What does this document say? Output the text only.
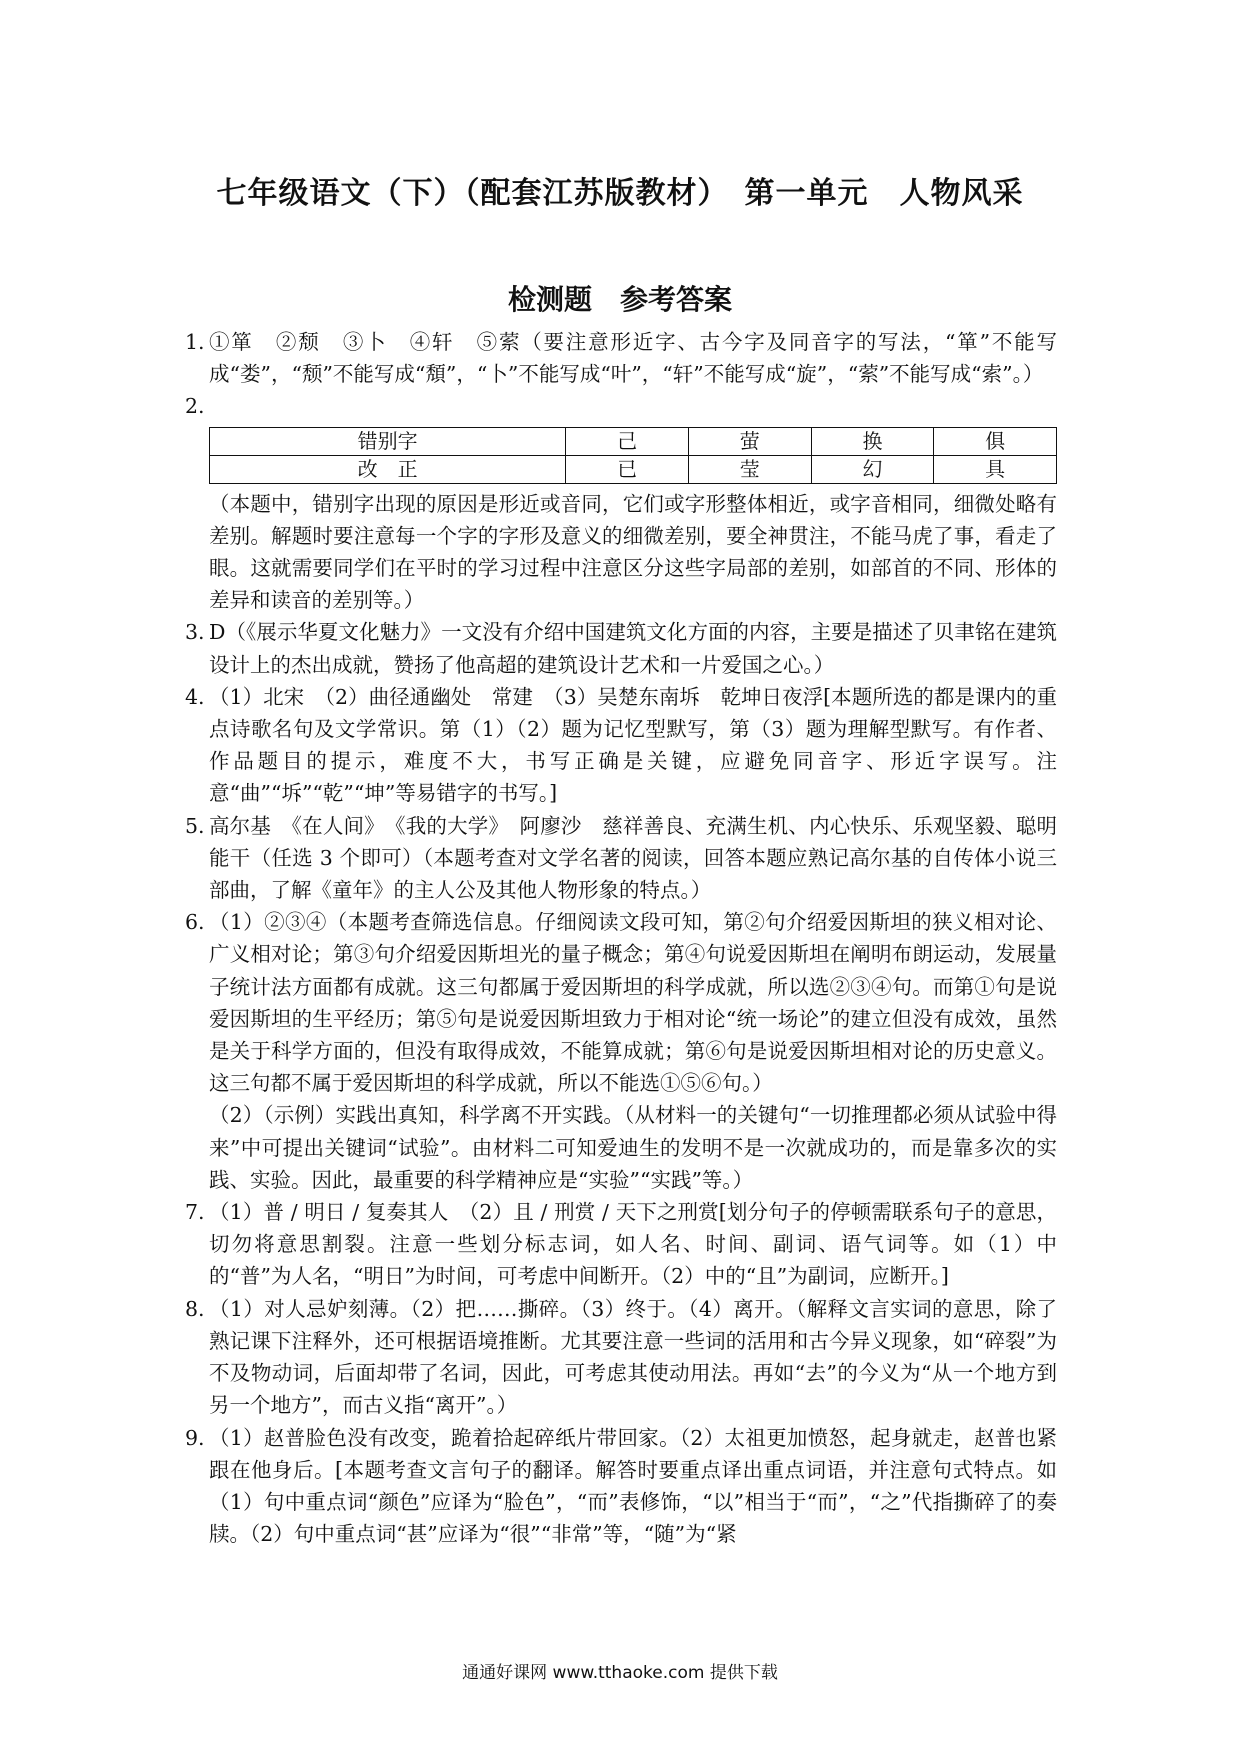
七年级语文（下）（配套江苏版教材）　第一单元　人物风采
检测题　参考答案
1. ①箪　②颓　③卜　④轩　⑤萦（要注意形近字、古今字及同音字的写法，“箪”不能写成“娄”，“颓”不能写成“頽”，“卜”不能写成“叶”，“轩”不能写成“旋”，“萦”不能写成“索”。）
2.
错别字	己	萤	换	俱
改　正	已	莹	幻	具
（本题中，错别字出现的原因是形近或音同，它们或字形整体相近，或字音相同，细微处略有差别。解题时要注意每一个字的字形及意义的细微差别，要全神贯注，不能马虎了事，看走了眼。这就需要同学们在平时的学习过程中注意区分这些字局部的差别，如部首的不同、形体的差异和读音的差别等。）
3. D（《展示华夏文化魅力》一文没有介绍中国建筑文化方面的内容，主要是描述了贝聿铭在建筑设计上的杰出成就，赞扬了他高超的建筑设计艺术和一片爱国之心。）
4. （1）北宋　（2）曲径通幽处　常建　（3）吴楚东南坼　乾坤日夜浮[本题所选的都是课内的重点诗歌名句及文学常识。第（1）（2）题为记忆型默写，第（3）题为理解型默写。有作者、作品题目的提示，难度不大，书写正确是关键，应避免同音字、形近字误写。注意“曲”“坼”“乾”“坤”等易错字的书写。]
5. 高尔基　《在人间》　《我的大学》　阿廖沙　慈祥善良、充满生机、内心快乐、乐观坚毅、聪明能干（任选 3 个即可）（本题考查对文学名著的阅读，回答本题应熟记高尔基的自传体小说三部曲，了解《童年》的主人公及其他人物形象的特点。）
6. （1）②③④（本题考查筛选信息。仔细阅读文段可知，第②句介绍爱因斯坦的狭义相对论、广义相对论；第③句介绍爱因斯坦光的量子概念；第④句说爱因斯坦在阐明布朗运动，发展量子统计法方面都有成就。这三句都属于爱因斯坦的科学成就，所以选②③④句。而第①句是说爱因斯坦的生平经历；第⑤句是说爱因斯坦致力于相对论“统一场论”的建立但没有成效，虽然是关于科学方面的，但没有取得成效，不能算成就；第⑥句是说爱因斯坦相对论的历史意义。这三句都不属于爱因斯坦的科学成就，所以不能选①⑤⑥句。）
（2）（示例）实践出真知，科学离不开实践。（从材料一的关键句“一切推理都必须从试验中得来”中可提出关键词“试验”。由材料二可知爱迪生的发明不是一次就成功的，而是靠多次的实践、实验。因此，最重要的科学精神应是“实验”“实践”等。）
7. （1）普 / 明日 / 复奏其人　（2）且 / 刑赏 / 天下之刑赏[划分句子的停顿需联系句子的意思，切勿将意思割裂。注意一些划分标志词，如人名、时间、副词、语气词等。如（1）中的“普”为人名，“明日”为时间，可考虑中间断开。（2）中的“且”为副词，应断开。]
8. （1）对人忌妒刻薄。（2）把……撕碎。（3）终于。（4）离开。（解释文言实词的意思，除了熟记课下注释外，还可根据语境推断。尤其要注意一些词的活用和古今异义现象，如“碎裂”为不及物动词，后面却带了名词，因此，可考虑其使动用法。再如“去”的今义为“从一个地方到另一个地方”，而古义指“离开”。）
9. （1）赵普脸色没有改变，跪着拾起碎纸片带回家。（2）太祖更加愤怒，起身就走，赵普也紧跟在他身后。[本题考查文言句子的翻译。解答时要重点译出重点词语，并注意句式特点。如（1）句中重点词“颜色”应译为“脸色”，“而”表修饰，“以”相当于“而”，“之”代指撕碎了的奏牍。（2）句中重点词“甚”应译为“很”“非常”等，“随”为“紧
通通好课网 www.tthaoke.com 提供下载
